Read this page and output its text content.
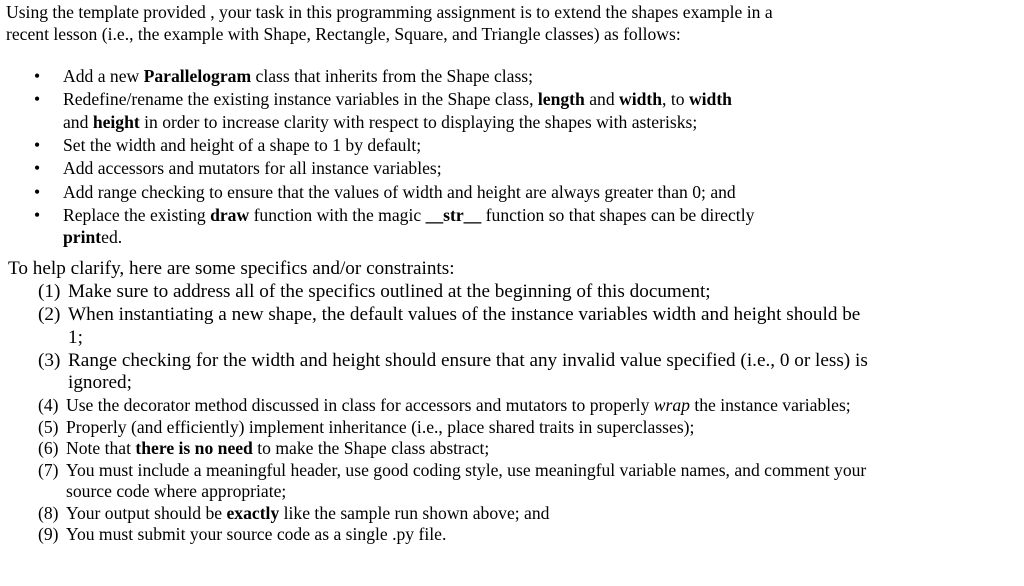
Using the template provided , your task in this programming assignment is to extend the shapes example in a recent lesson (i.e., the example with Shape, Rectangle, Square, and Triangle classes) as follows:

• Add a new Parallelogram class that inherits from the Shape class;
• Redefine/rename the existing instance variables in the Shape class, length and width, to width
and height in order to increase clarity with respect to displaying the shapes with asterisks;
• Set the width and height of a shape to 1 by default;
• Add accessors and mutators for all instance variables;
• Add range checking to ensure that the values of width and height are always greater than 0; and
• Replace the existing draw function with the magic __str__ function so that shapes can be directly printed.

To help clarify, here are some specifics and/or constraints:

(1) Make sure to address all of the specifics outlined at the beginning of this document;
(2) When instantiating a new shape, the default values of the instance variables width and height should be 1;
(3) Range checking for the width and height should ensure that any invalid value specified (i.e., 0 or less) is ignored;
(4) Use the decorator method discussed in class for accessors and mutators to properly wrap the instance variables;
(5) Properly (and efficiently) implement inheritance (i.e., place shared traits in superclasses);
(6) Note that there is no need to make the Shape class abstract;
(7) You must include a meaningful header, use good coding style, use meaningful variable names, and comment your source code where appropriate;
(8) Your output should be exactly like the sample run shown above; and
(9) You must submit your source code as a single .py file.
